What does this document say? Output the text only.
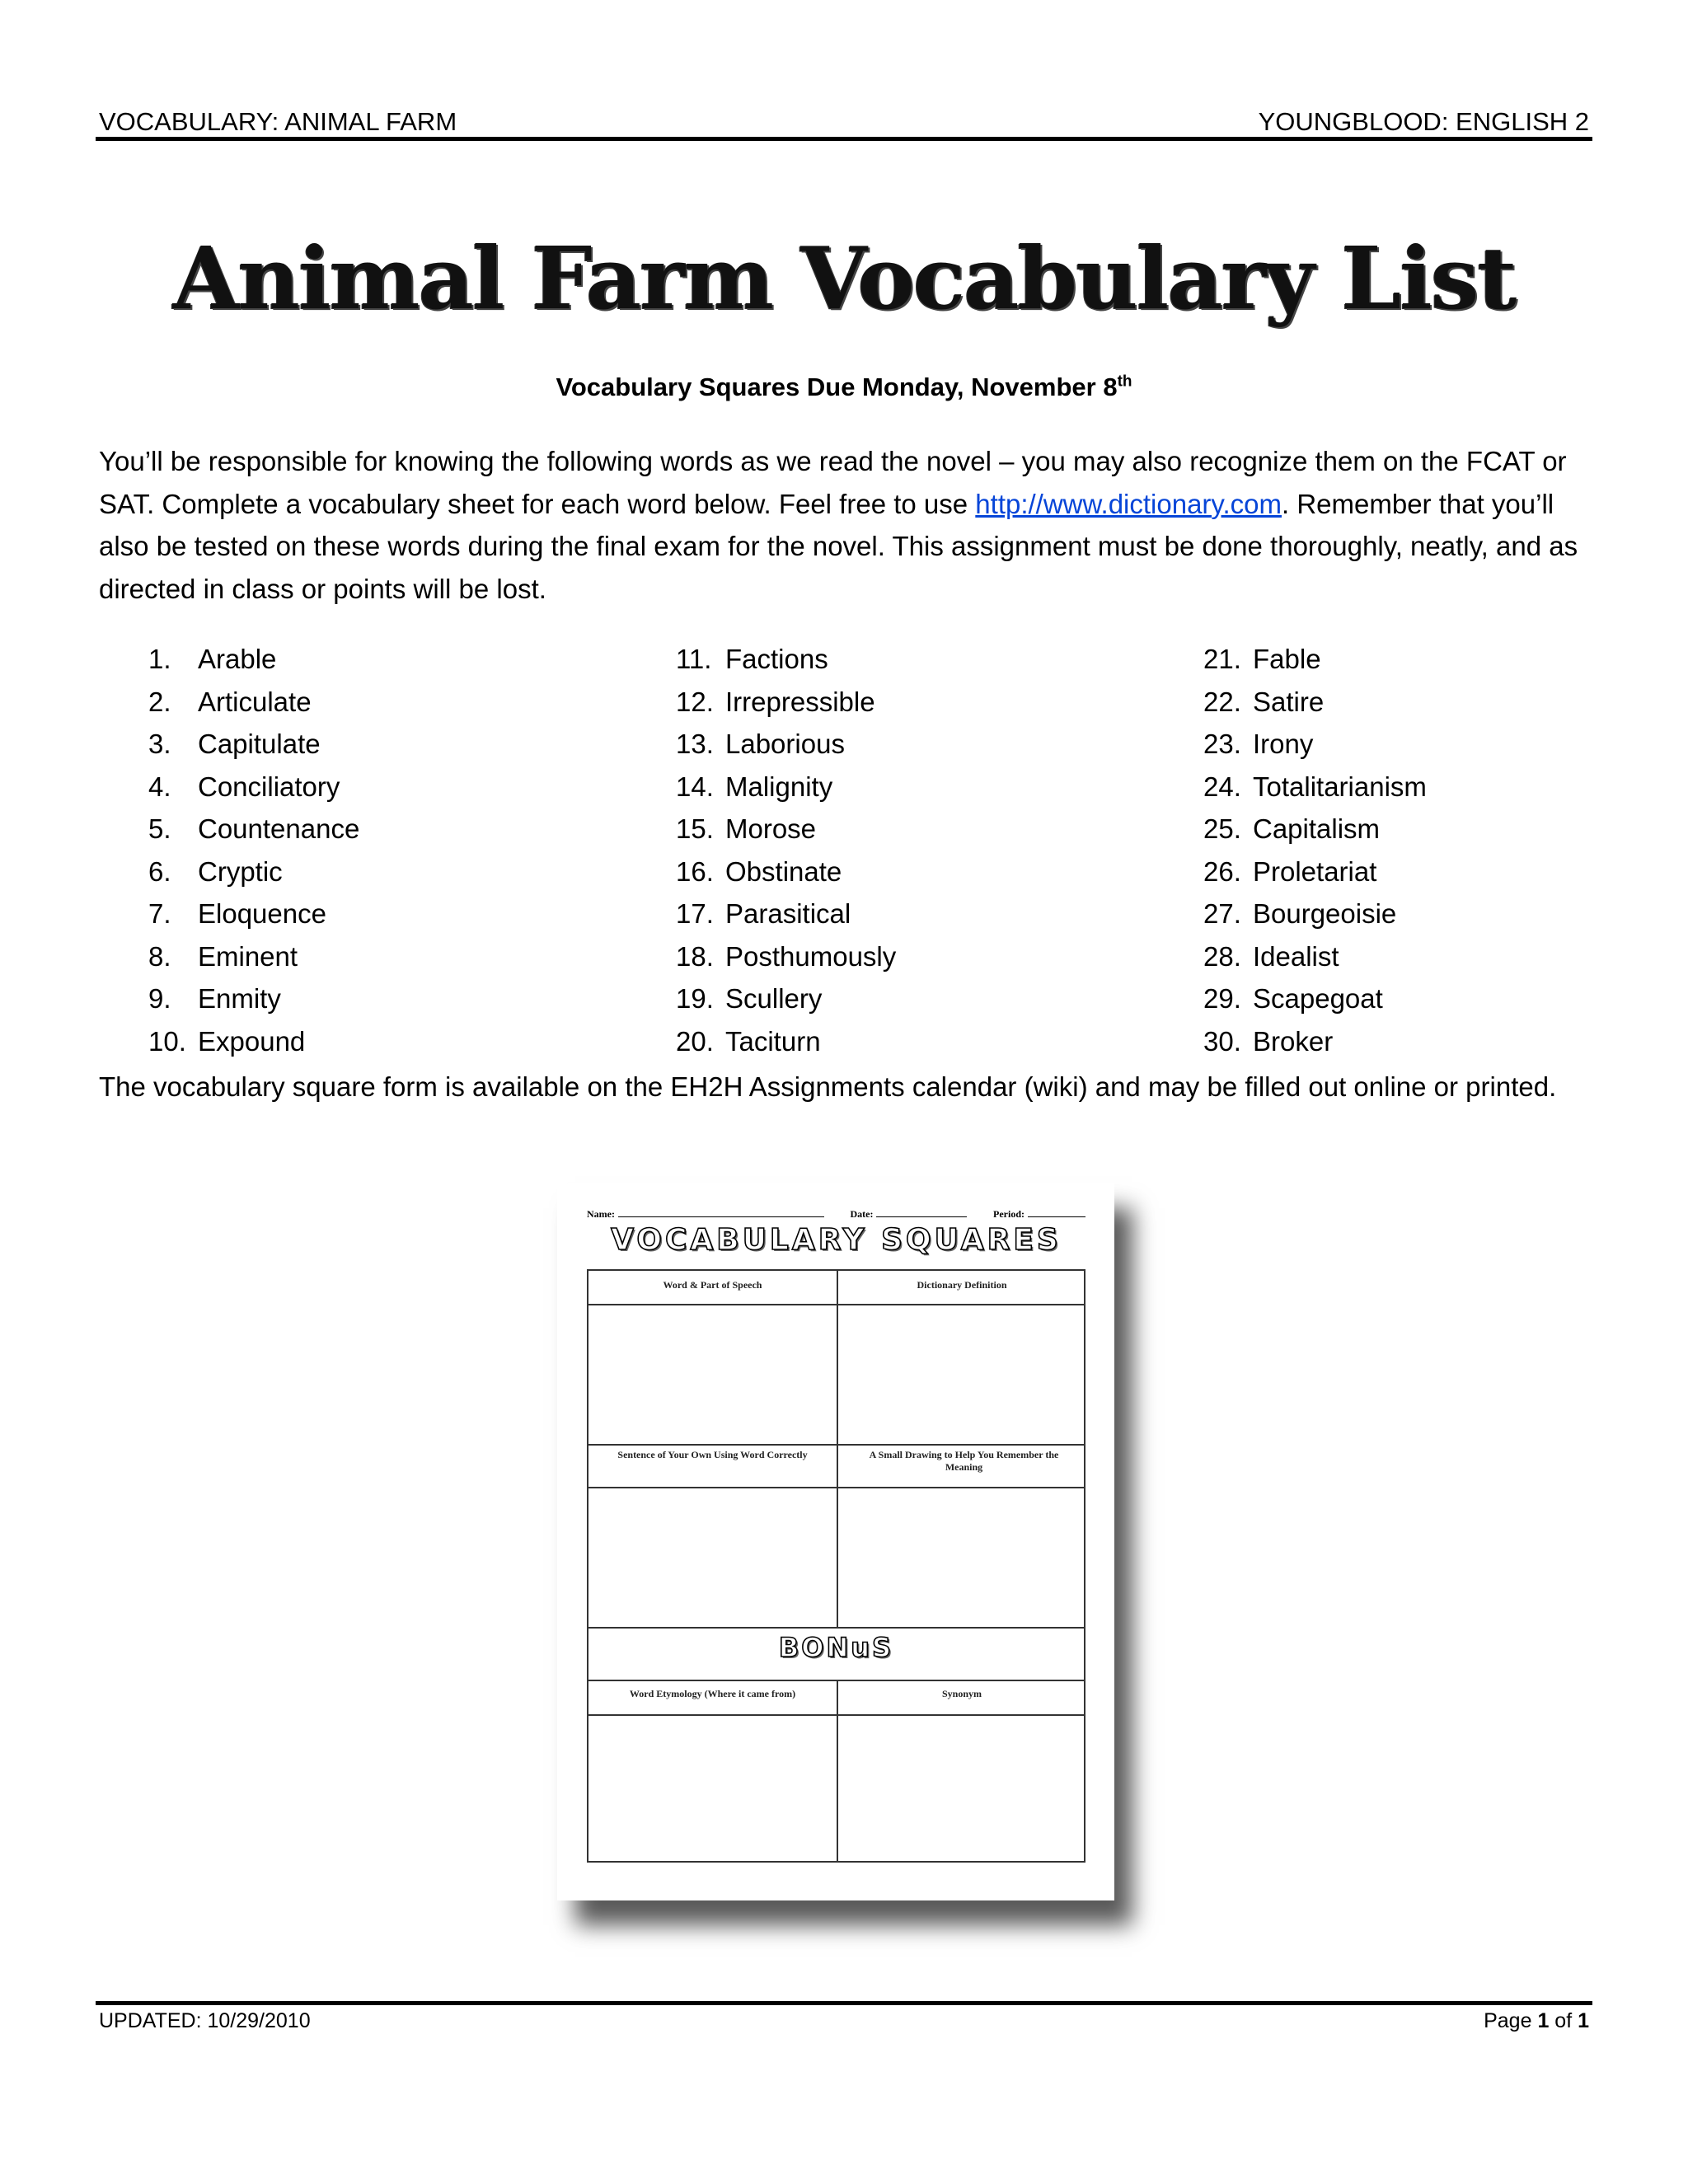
VOCABULARY: ANIMAL FARM	YOUNGBLOOD: ENGLISH 2
Animal Farm Vocabulary List
Vocabulary Squares Due Monday, November 8th
You’ll be responsible for knowing the following words as we read the novel – you may also recognize them on the FCAT or SAT. Complete a vocabulary sheet for each word below. Feel free to use http://www.dictionary.com. Remember that you’ll also be tested on these words during the final exam for the novel. This assignment must be done thoroughly, neatly, and as directed in class or points will be lost.
1. Arable
2. Articulate
3. Capitulate
4. Conciliatory
5. Countenance
6. Cryptic
7. Eloquence
8. Eminent
9. Enmity
10. Expound
11. Factions
12. Irrepressible
13. Laborious
14. Malignity
15. Morose
16. Obstinate
17. Parasitical
18. Posthumously
19. Scullery
20. Taciturn
21. Fable
22. Satire
23. Irony
24. Totalitarianism
25. Capitalism
26. Proletariat
27. Bourgeoisie
28. Idealist
29. Scapegoat
30. Broker
The vocabulary square form is available on the EH2H Assignments calendar (wiki) and may be filled out online or printed.
Name:	Date:	Period:
VOCABULARY SQUARES
Word & Part of Speech	Dictionary Definition
Sentence of Your Own Using Word Correctly	A Small Drawing to Help You Remember the Meaning
BONuS
Word Etymology (Where it came from)	Synonym
UPDATED: 10/29/2010	Page 1 of 1
